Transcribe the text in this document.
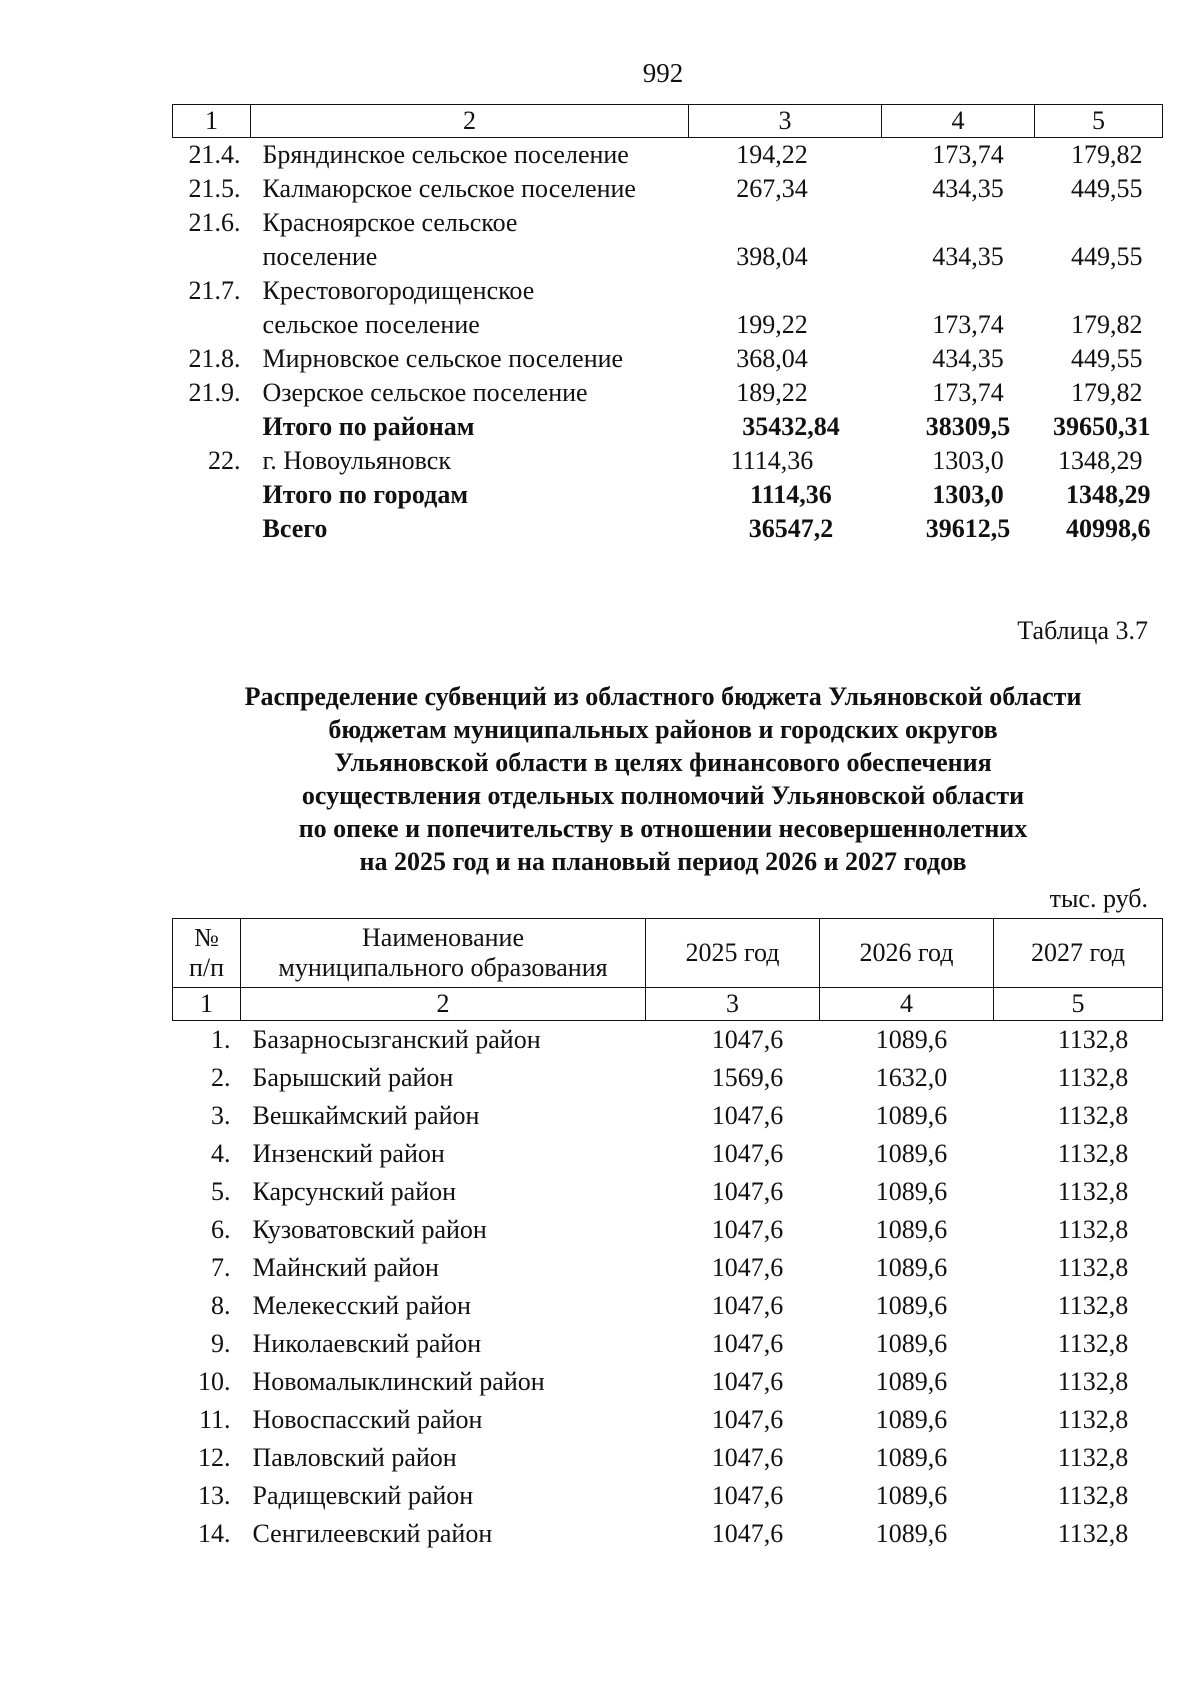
992
1	2	3	4	5
21.4.	Бряндинское сельское поселение	194,22	173,74	179,82
21.5.	Калмаюрское сельское поселение	267,34	434,35	449,55
21.6.	Красноярское сельское
поселение	398,04	434,35	449,55
21.7.	Крестовогородищенское
сельское поселение	199,22	173,74	179,82
21.8.	Мирновское сельское поселение	368,04	434,35	449,55
21.9.	Озерское сельское поселение	189,22	173,74	179,82
	Итого по районам	35432,84	38309,5	39650,31
22.	г. Новоульяновск	1114,36	1303,0	1348,29
	Итого по городам	1114,36	1303,0	1348,29
	Всего	36547,2	39612,5	40998,6
Таблица 3.7
Распределение субвенций из областного бюджета Ульяновской области
бюджетам муниципальных районов и городских округов
Ульяновской области в целях финансового обеспечения
осуществления отдельных полномочий Ульяновской области
по опеке и попечительству в отношении несовершеннолетних
на 2025 год и на плановый период 2026 и 2027 годов
тыс. руб.
№
п/п	Наименование
муниципального образования	2025 год	2026 год	2027 год
1	2	3	4	5
1.	Базарносызганский район	1047,6	1089,6	1132,8
2.	Барышский район	1569,6	1632,0	1132,8
3.	Вешкаймский район	1047,6	1089,6	1132,8
4.	Инзенский район	1047,6	1089,6	1132,8
5.	Карсунский район	1047,6	1089,6	1132,8
6.	Кузоватовский район	1047,6	1089,6	1132,8
7.	Майнский район	1047,6	1089,6	1132,8
8.	Мелекесский район	1047,6	1089,6	1132,8
9.	Николаевский район	1047,6	1089,6	1132,8
10.	Новомалыклинский район	1047,6	1089,6	1132,8
11.	Новоспасский район	1047,6	1089,6	1132,8
12.	Павловский район	1047,6	1089,6	1132,8
13.	Радищевский район	1047,6	1089,6	1132,8
14.	Сенгилеевский район	1047,6	1089,6	1132,8
